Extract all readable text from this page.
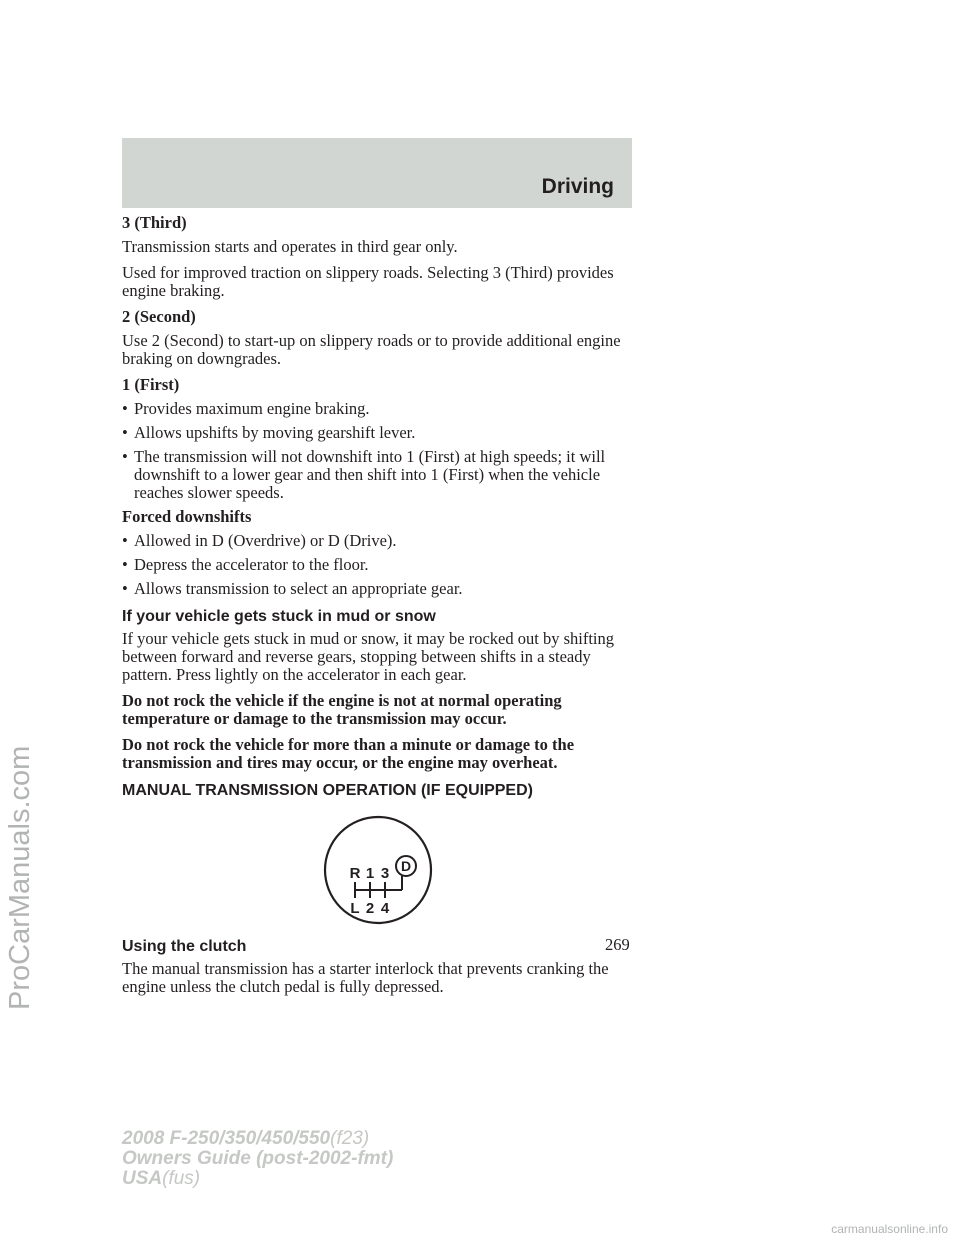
Driving

3 (Third)

Transmission starts and operates in third gear only.

Used for improved traction on slippery roads. Selecting 3 (Third) provides engine braking.

2 (Second)

Use 2 (Second) to start-up on slippery roads or to provide additional engine braking on downgrades.

1 (First)

• Provides maximum engine braking.
• Allows upshifts by moving gearshift lever.
• The transmission will not downshift into 1 (First) at high speeds; it will downshift to a lower gear and then shift into 1 (First) when the vehicle reaches slower speeds.

Forced downshifts

• Allowed in D (Overdrive) or D (Drive).
• Depress the accelerator to the floor.
• Allows transmission to select an appropriate gear.
If your vehicle gets stuck in mud or snow

If your vehicle gets stuck in mud or snow, it may be rocked out by shifting between forward and reverse gears, stopping between shifts in a steady pattern. Press lightly on the accelerator in each gear.

Do not rock the vehicle if the engine is not at normal operating temperature or damage to the transmission may occur.

Do not rock the vehicle for more than a minute or damage to the transmission and tires may occur, or the engine may overheat.

MANUAL TRANSMISSION OPERATION (IF EQUIPPED)
R 1 3
L 2 4
D
Using the clutch

The manual transmission has a starter interlock that prevents cranking the engine unless the clutch pedal is fully depressed.

269
2008 F-250/350/450/550(f23)
Owners Guide (post-2002-fmt)
USA(fus)
ProCarManuals.com
carmanualsonline.info
